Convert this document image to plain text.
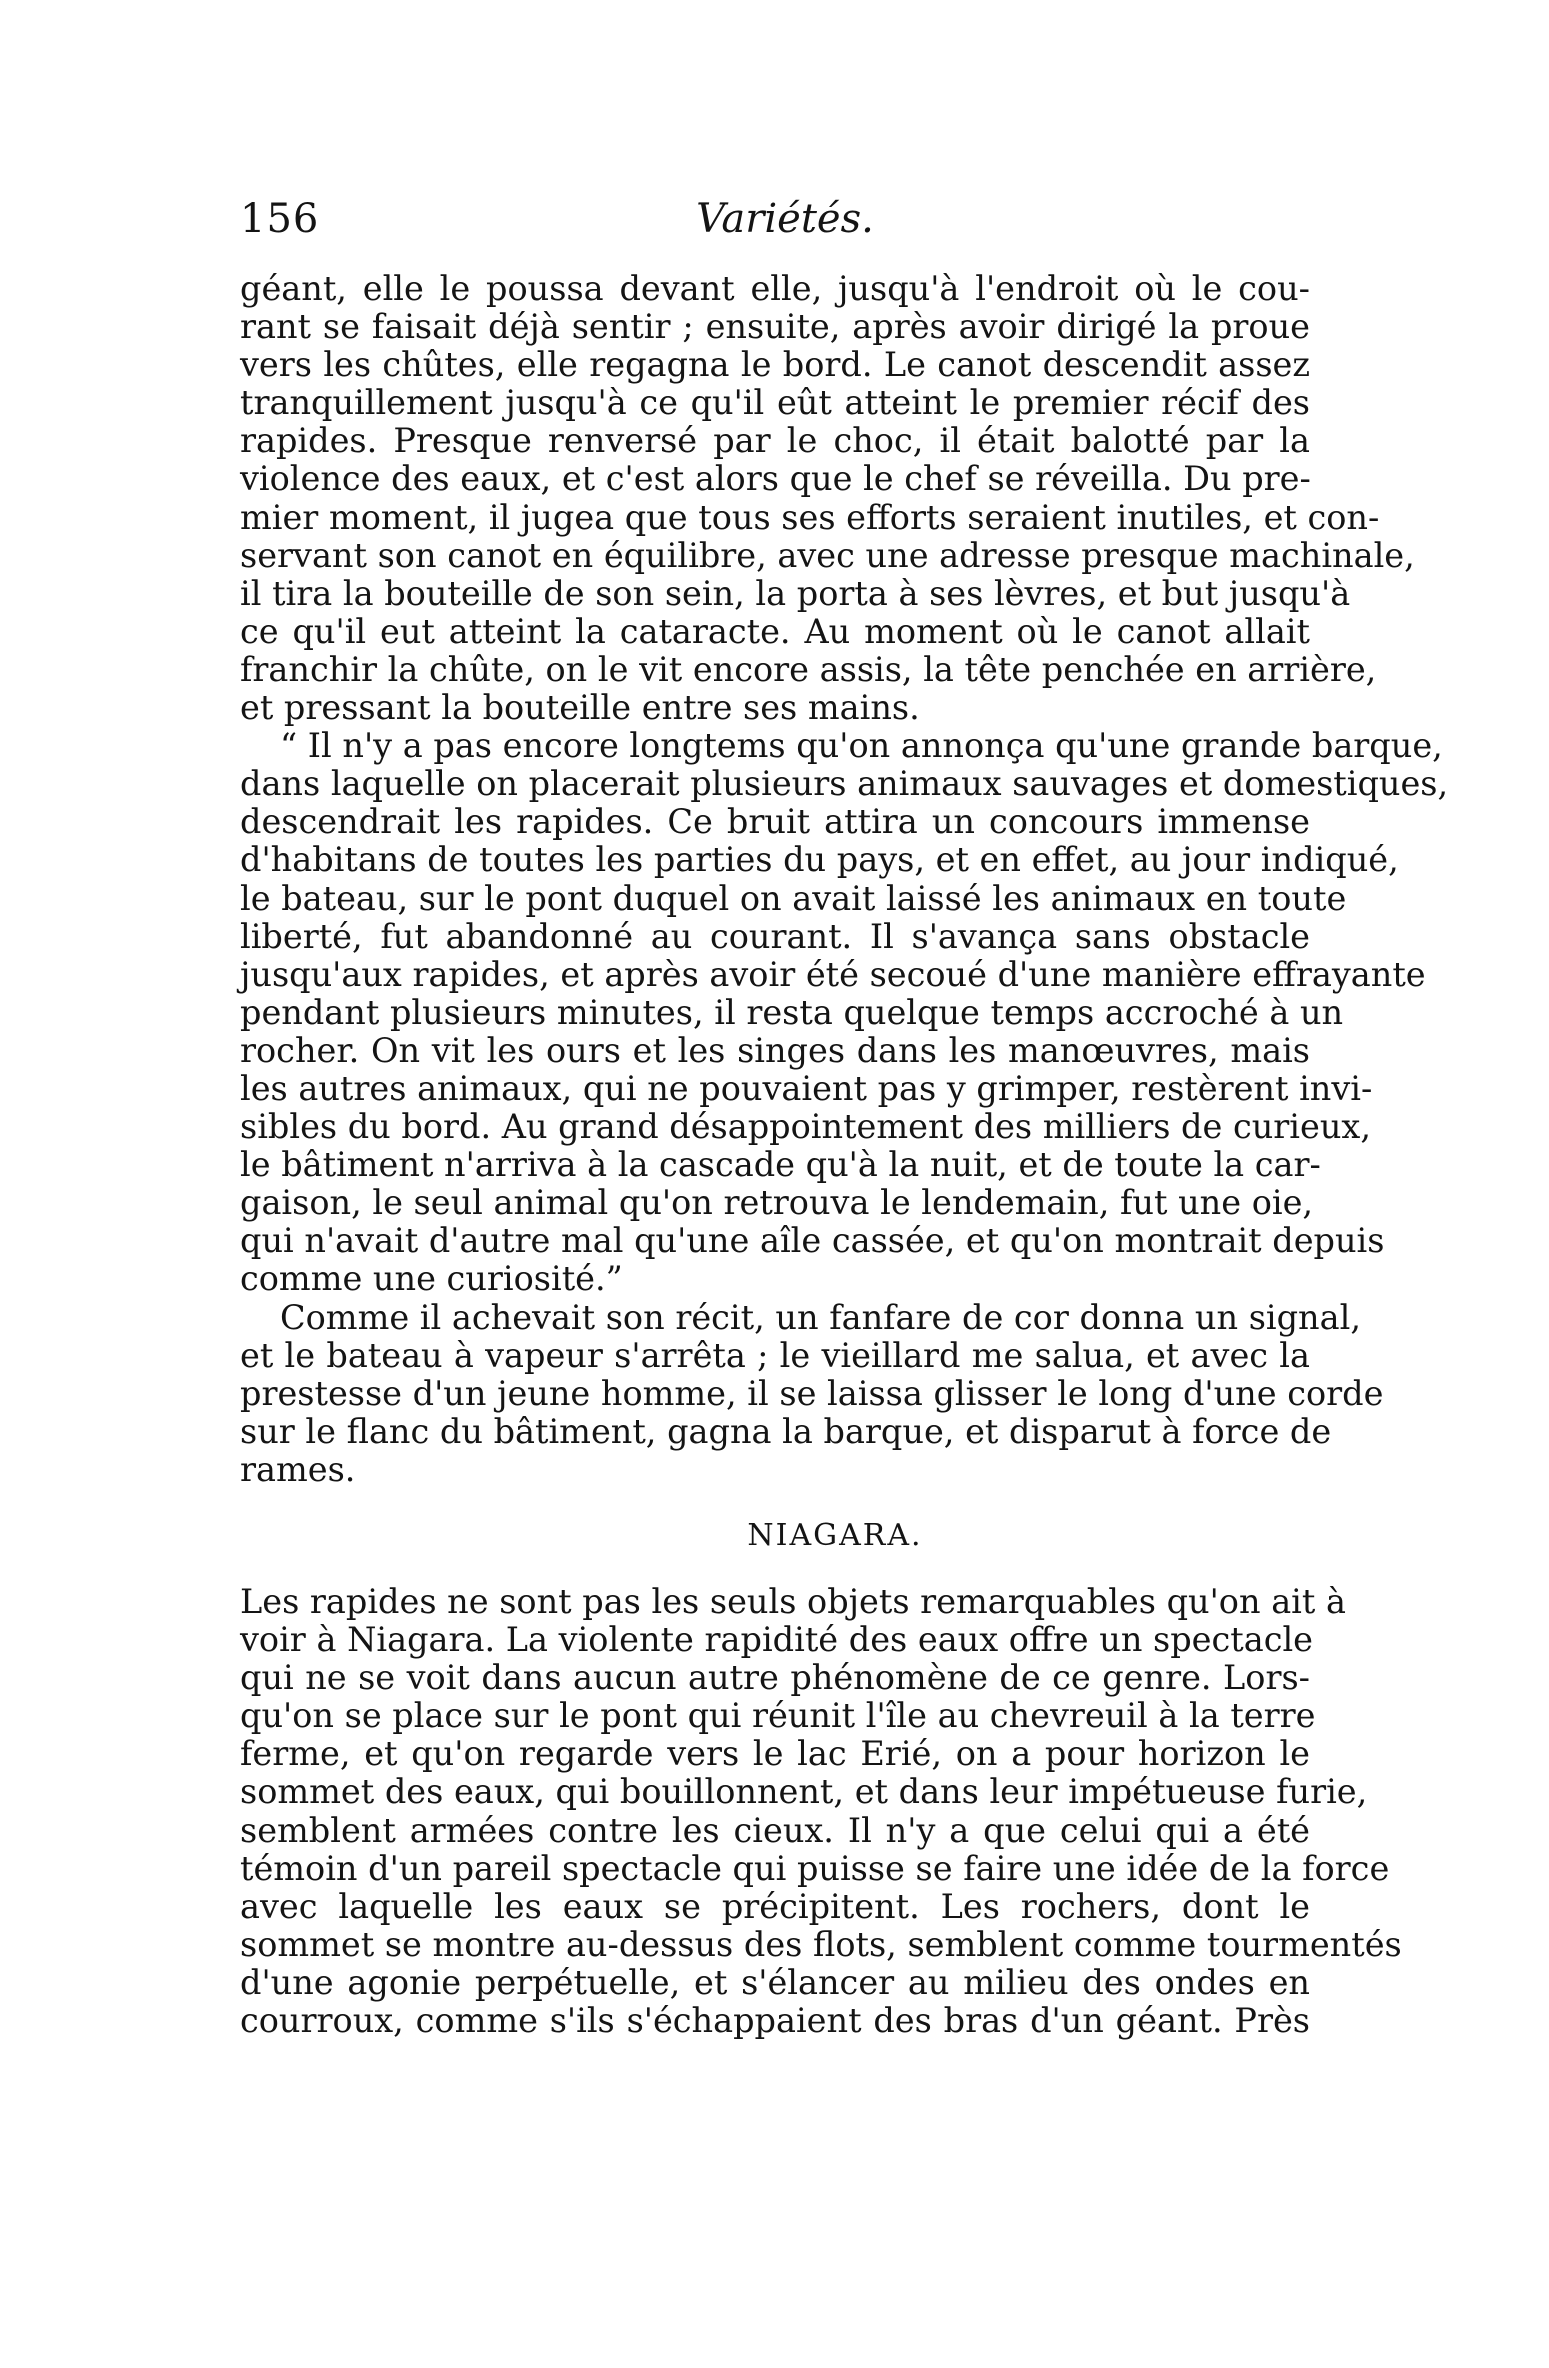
156	Variétés.
géant, elle le poussa devant elle, jusqu'à l'endroit où le cou-
rant se faisait déjà sentir ; ensuite, après avoir dirigé la proue
vers les chûtes, elle regagna le bord. Le canot descendit assez
tranquillement jusqu'à ce qu'il eût atteint le premier récif des
rapides. Presque renversé par le choc, il était balotté par la
violence des eaux, et c'est alors que le chef se réveilla. Du pre-
mier moment, il jugea que tous ses efforts seraient inutiles, et con-
servant son canot en équilibre, avec une adresse presque machinale,
il tira la bouteille de son sein, la porta à ses lèvres, et but jusqu'à
ce qu'il eut atteint la cataracte. Au moment où le canot allait
franchir la chûte, on le vit encore assis, la tête penchée en arrière,
et pressant la bouteille entre ses mains.
“ Il n'y a pas encore longtems qu'on annonça qu'une grande barque,
dans laquelle on placerait plusieurs animaux sauvages et domestiques,
descendrait les rapides. Ce bruit attira un concours immense
d'habitans de toutes les parties du pays, et en effet, au jour indiqué,
le bateau, sur le pont duquel on avait laissé les animaux en toute
liberté, fut abandonné au courant. Il s'avança sans obstacle
jusqu'aux rapides, et après avoir été secoué d'une manière effrayante
pendant plusieurs minutes, il resta quelque temps accroché à un
rocher. On vit les ours et les singes dans les manœuvres, mais
les autres animaux, qui ne pouvaient pas y grimper, restèrent invi-
sibles du bord. Au grand désappointement des milliers de curieux,
le bâtiment n'arriva à la cascade qu'à la nuit, et de toute la car-
gaison, le seul animal qu'on retrouva le lendemain, fut une oie,
qui n'avait d'autre mal qu'une aîle cassée, et qu'on montrait depuis
comme une curiosité.”
Comme il achevait son récit, un fanfare de cor donna un signal,
et le bateau à vapeur s'arrêta ; le vieillard me salua, et avec la
prestesse d'un jeune homme, il se laissa glisser le long d'une corde
sur le flanc du bâtiment, gagna la barque, et disparut à force de
rames.
NIAGARA.
Les rapides ne sont pas les seuls objets remarquables qu'on ait à
voir à Niagara. La violente rapidité des eaux offre un spectacle
qui ne se voit dans aucun autre phénomène de ce genre. Lors-
qu'on se place sur le pont qui réunit l'île au chevreuil à la terre
ferme, et qu'on regarde vers le lac Erié, on a pour horizon le
sommet des eaux, qui bouillonnent, et dans leur impétueuse furie,
semblent armées contre les cieux. Il n'y a que celui qui a été
témoin d'un pareil spectacle qui puisse se faire une idée de la force
avec laquelle les eaux se précipitent. Les rochers, dont le
sommet se montre au-dessus des flots, semblent comme tourmentés
d'une agonie perpétuelle, et s'élancer au milieu des ondes en
courroux, comme s'ils s'échappaient des bras d'un géant. Près
